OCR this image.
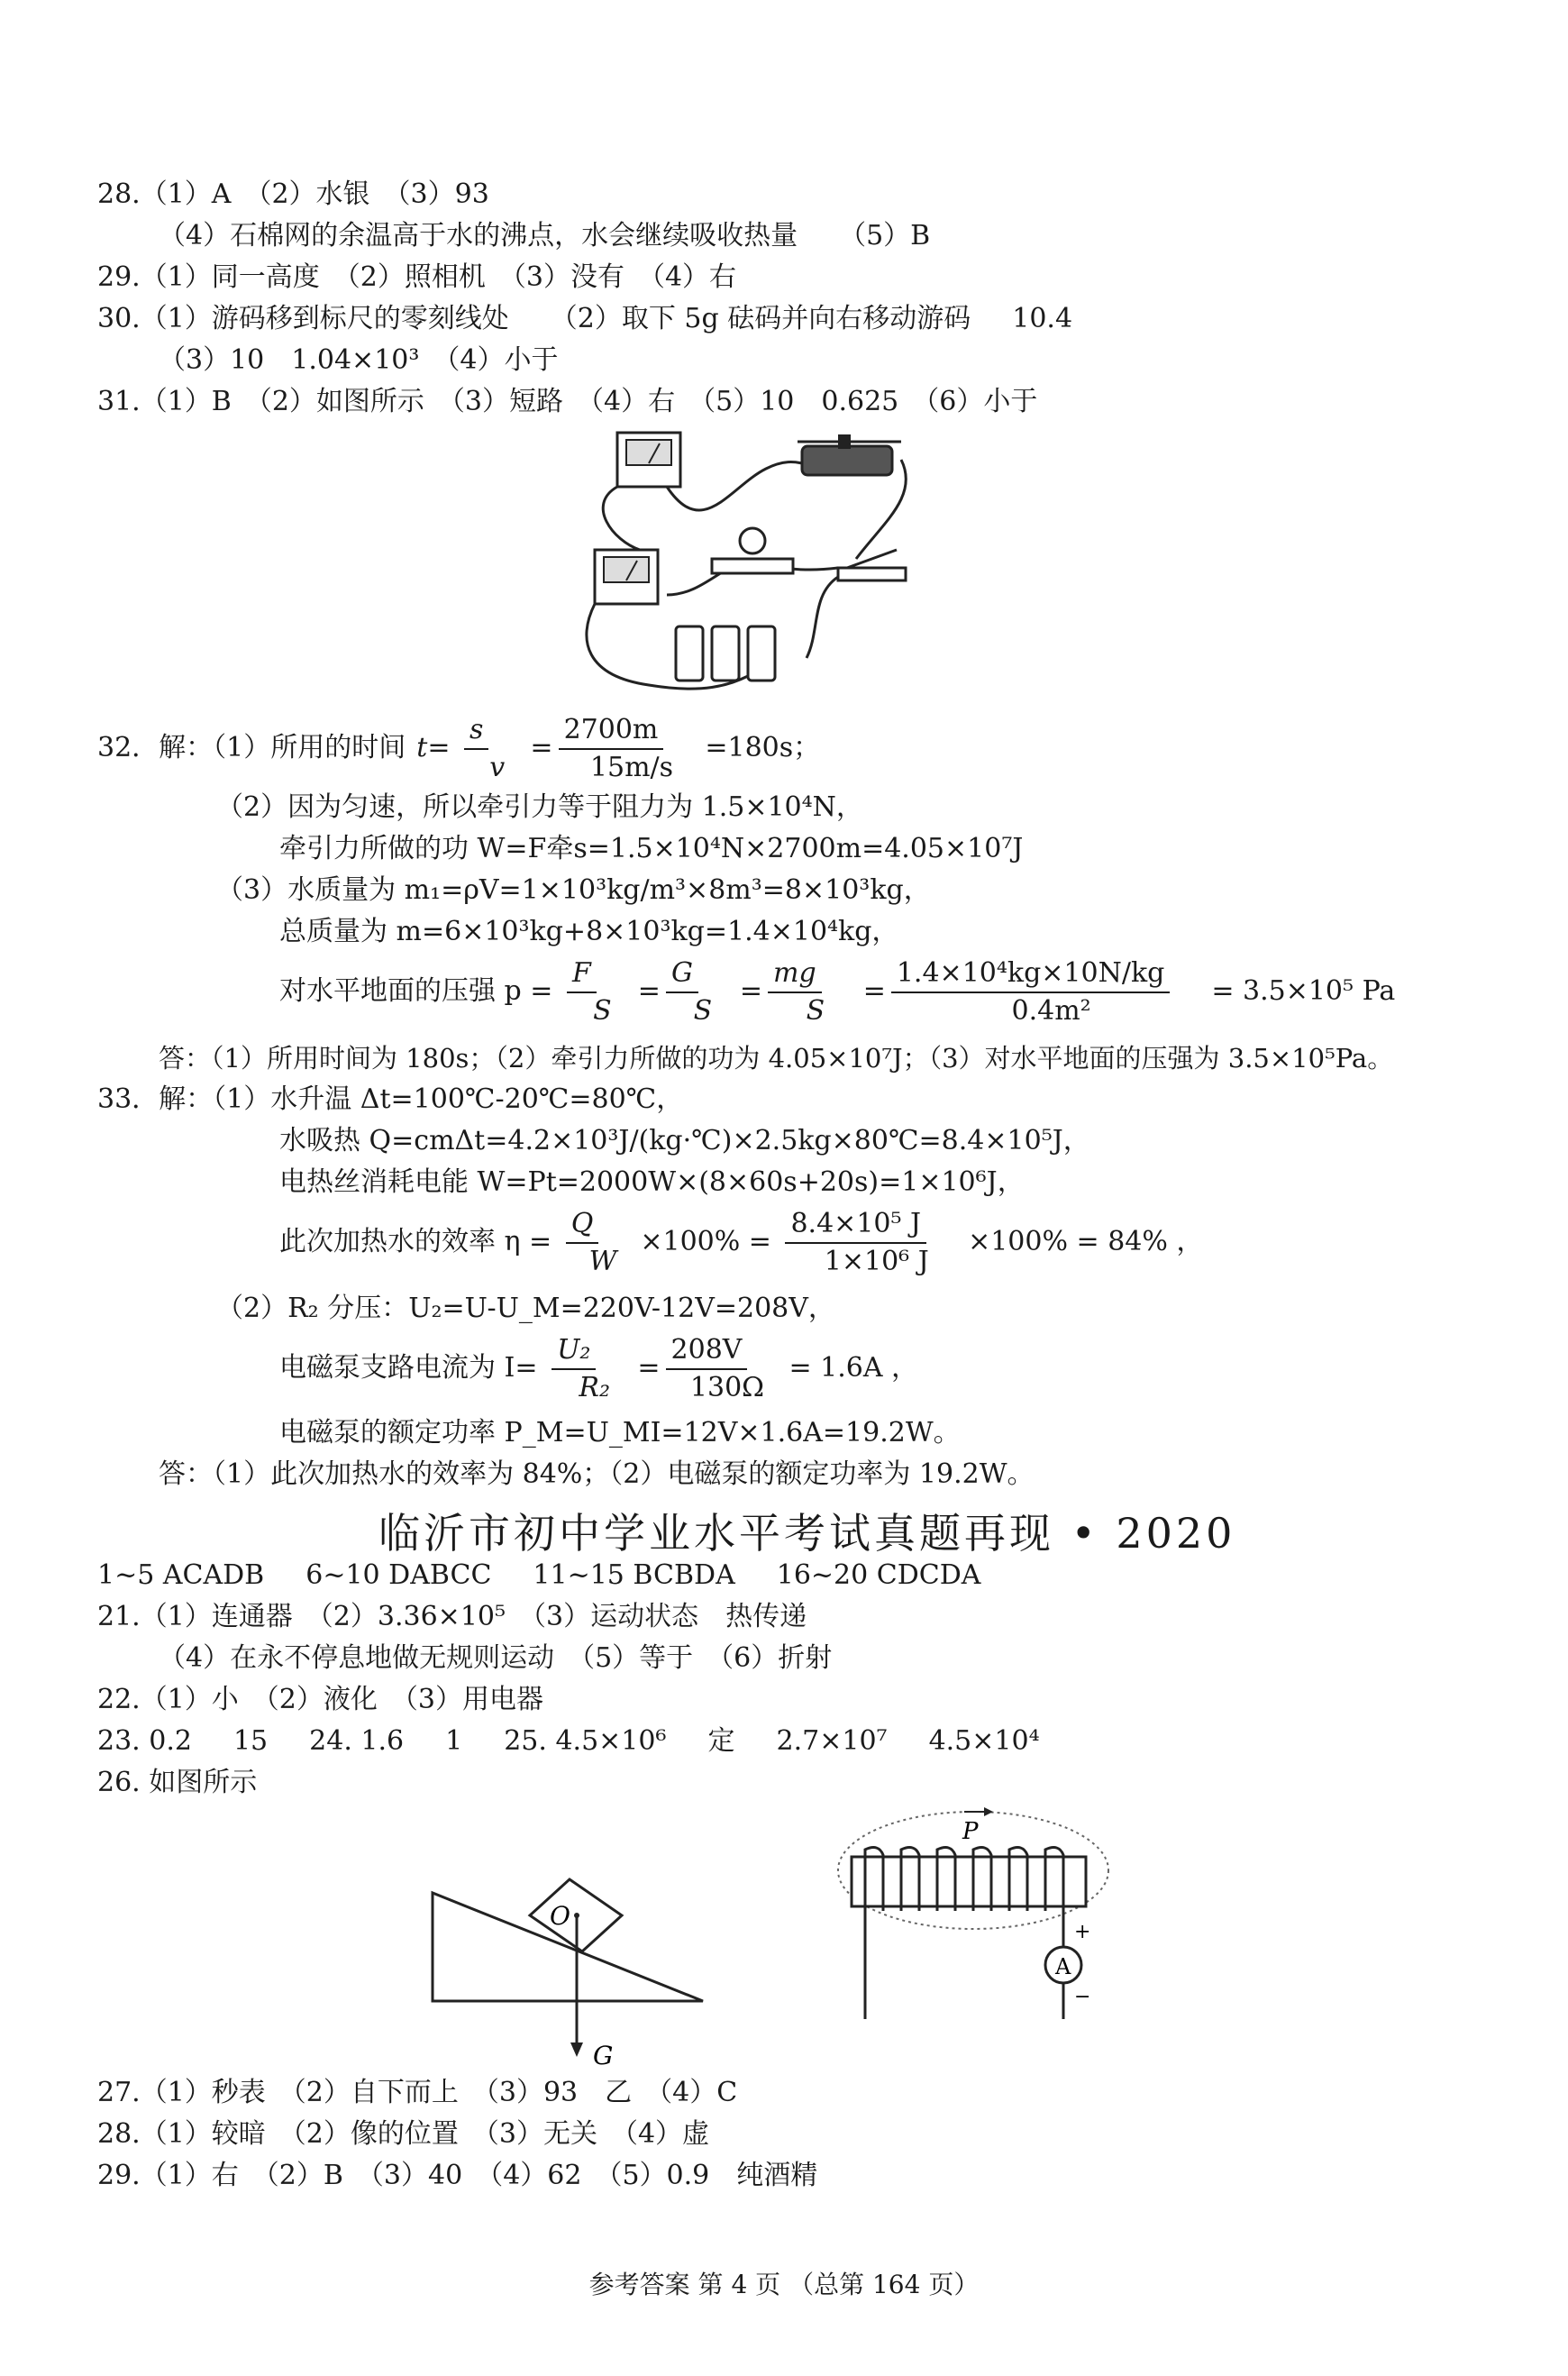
28.（1）A　（2）水银　（3）93
（4）石棉网的余温高于水的沸点，水会继续吸收热量 （5）B
29.（1）同一高度　（2）照相机　（3）没有　（4）右
30.（1）游码移到标尺的零刻线处 （2）取下 5g 砝码并向右移动游码 10.4
（3）10　1.04×10³　（4）小于
31.（1）B　（2）如图所示　（3）短路　（4）右　（5）10　0.625　（6）小于
32．解：（1）所用的时间 $t= \frac{s}{v} = \frac{2700m}{15m/s} =180s$；
（2）因为匀速，所以牵引力等于阻力为 1.5×10⁴N，
牵引力所做的功 W=F牵s=1.5×10⁴N×2700m=4.05×10⁷J
（3）水质量为 m₁=ρV=1×10³kg/m³×8m³=8×10³kg，
总质量为 m=6×10³kg+8×10³kg=1.4×10⁴kg，
对水平地面的压强 $p = \frac{F}{S} = \frac{G}{S} = \frac{mg}{S} = \frac{\text{1.4×10⁴kg×10N/kg}}{\text{0.4m²}} = 3.5\times 10^5$ Pa
答：（1）所用时间为 180s；（2）牵引力所做的功为 4.05×10⁷J；（3）对水平地面的压强为 3.5×10⁵Pa。
33．解：（1）水升温 Δt=100℃-20℃=80℃，
水吸热 Q=cmΔt=4.2×10³J/(kg·℃)×2.5kg×80℃=8.4×10⁵J，
电热丝消耗电能 W=Pt=2000W×(8×60s+20s)=1×10⁶J，
此次加热水的效率 $\eta = \frac{Q}{W} \times 100\% = \frac{\text{8.4×10⁵ J}}{\text{1×10⁶ J}} \times 100\% = 84\%$ ，
（2）R₂ 分压：U₂=U-U_M=220V-12V=208V，
电磁泵支路电流为 $I= \frac{\text{U₂}}{\text{R₂}} = \frac{208V}{130\Omega} = 1.6A$ ，
电磁泵的额定功率 P_M=U_MI=12V×1.6A=19.2W。
答：（1）此次加热水的效率为 84%；（2）电磁泵的额定功率为 19.2W。
临沂市初中学业水平考试真题再现 • 2020
1~5 ACADB 6~10 DABCC 11~15 BCBDA 16~20 CDCDA
21.（1）连通器　（2）3.36×10⁵　（3）运动状态　热传递
（4）在永不停息地做无规则运动　（5）等于　（6）折射
22.（1）小　（2）液化　（3）用电器
23. 0.2 15 24. 1.6 1 25. 4.5×10⁶ 定 2.7×10⁷ 4.5×10⁴
26. 如图所示
O
G
P
A
+
−
27.（1）秒表　（2）自下而上　（3）93　乙　（4）C
28.（1）较暗　（2）像的位置　（3）无关　（4）虚
29.（1）右　（2）B　（3）40　（4）62　（5）0.9　纯酒精
参考答案 第 4 页 （总第 164 页）
